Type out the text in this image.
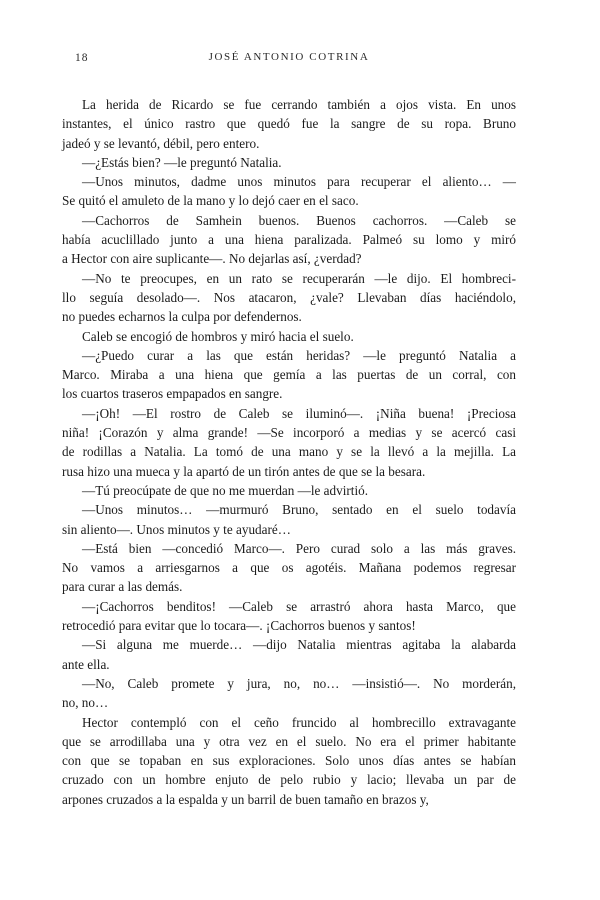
18	JOSÉ ANTONIO COTRINA
La herida de Ricardo se fue cerrando también a ojos vista. En unos
instantes, el único rastro que quedó fue la sangre de su ropa. Bruno
jadeó y se levantó, débil, pero entero.
—¿Estás bien? —le preguntó Natalia.
—Unos minutos, dadme unos minutos para recuperar el aliento… —
Se quitó el amuleto de la mano y lo dejó caer en el saco.
—Cachorros de Samhein buenos. Buenos cachorros. —Caleb se
había acuclillado junto a una hiena paralizada. Palmeó su lomo y miró
a Hector con aire suplicante—. No dejarlas así, ¿verdad?
—No te preocupes, en un rato se recuperarán —le dijo. El hombreci-
llo seguía desolado—. Nos atacaron, ¿vale? Llevaban días haciéndolo,
no puedes echarnos la culpa por defendernos.
Caleb se encogió de hombros y miró hacia el suelo.
—¿Puedo curar a las que están heridas? —le preguntó Natalia a
Marco. Miraba a una hiena que gemía a las puertas de un corral, con
los cuartos traseros empapados en sangre.
—¡Oh! —El rostro de Caleb se iluminó—. ¡Niña buena! ¡Preciosa
niña! ¡Corazón y alma grande! —Se incorporó a medias y se acercó casi
de rodillas a Natalia. La tomó de una mano y se la llevó a la mejilla. La
rusa hizo una mueca y la apartó de un tirón antes de que se la besara.
—Tú preocúpate de que no me muerdan —le advirtió.
—Unos minutos… —murmuró Bruno, sentado en el suelo todavía
sin aliento—. Unos minutos y te ayudaré…
—Está bien —concedió Marco—. Pero curad solo a las más graves.
No vamos a arriesgarnos a que os agotéis. Mañana podemos regresar
para curar a las demás.
—¡Cachorros benditos! —Caleb se arrastró ahora hasta Marco, que
retrocedió para evitar que lo tocara—. ¡Cachorros buenos y santos!
—Si alguna me muerde… —dijo Natalia mientras agitaba la alabarda
ante ella.
—No, Caleb promete y jura, no, no… —insistió—. No morderán,
no, no…
Hector contempló con el ceño fruncido al hombrecillo extravagante
que se arrodillaba una y otra vez en el suelo. No era el primer habitante
con que se topaban en sus exploraciones. Solo unos días antes se habían
cruzado con un hombre enjuto de pelo rubio y lacio; llevaba un par de
arpones cruzados a la espalda y un barril de buen tamaño en brazos y,
